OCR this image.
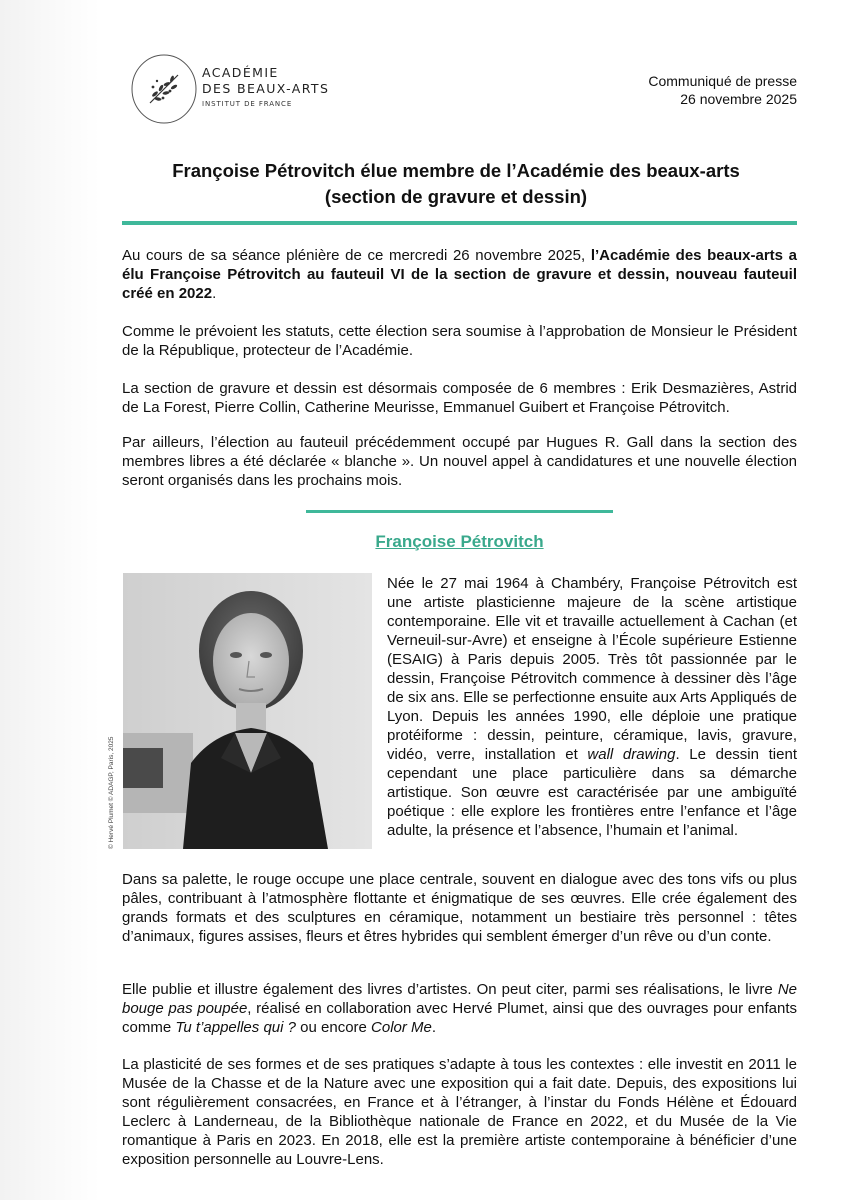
ACADÉMIE
DES BEAUX-ARTS
INSTITUT DE FRANCE
Communiqué de presse
26 novembre 2025
Françoise Pétrovitch élue membre de l’Académie des beaux-arts
(section de gravure et dessin)

Au cours de sa séance plénière de ce mercredi 26 novembre 2025, l’Académie des beaux-arts a élu Françoise Pétrovitch au fauteuil VI de la section de gravure et dessin, nouveau fauteuil créé en 2022.

Comme le prévoient les statuts, cette élection sera soumise à l’approbation de Monsieur le Président de la République, protecteur de l’Académie.

La section de gravure et dessin est désormais composée de 6 membres : Erik Desmazières, Astrid de La Forest, Pierre Collin, Catherine Meurisse, Emmanuel Guibert et Françoise Pétrovitch.

Par ailleurs, l’élection au fauteuil précédemment occupé par Hugues R. Gall dans la section des membres libres a été déclarée « blanche ». Un nouvel appel à candidatures et une nouvelle élection seront organisés dans les prochains mois.

Françoise Pétrovitch
© Hervé Plumet © ADAGP, Paris, 2025

Née le 27 mai 1964 à Chambéry, Françoise Pétrovitch est une artiste plasticienne majeure de la scène artistique contemporaine. Elle vit et travaille actuellement à Cachan (et Verneuil-sur-Avre) et enseigne à l’École supérieure Estienne (ESAIG) à Paris depuis 2005. Très tôt passionnée par le dessin, Françoise Pétrovitch commence à dessiner dès l’âge de six ans. Elle se perfectionne ensuite aux Arts Appliqués de Lyon. Depuis les années 1990, elle déploie une pratique protéiforme : dessin, peinture, céramique, lavis, gravure, vidéo, verre, installation et wall drawing. Le dessin tient cependant une place particulière dans sa démarche artistique. Son œuvre est caractérisée par une ambiguïté poétique : elle explore les frontières entre l’enfance et l’âge adulte, la présence et l’absence, l’humain et l’animal.

Dans sa palette, le rouge occupe une place centrale, souvent en dialogue avec des tons vifs ou plus pâles, contribuant à l’atmosphère flottante et énigmatique de ses œuvres. Elle crée également des grands formats et des sculptures en céramique, notamment un bestiaire très personnel : têtes d’animaux, figures assises, fleurs et êtres hybrides qui semblent émerger d’un rêve ou d’un conte.

Elle publie et illustre également des livres d’artistes. On peut citer, parmi ses réalisations, le livre Ne bouge pas poupée, réalisé en collaboration avec Hervé Plumet, ainsi que des ouvrages pour enfants comme Tu t’appelles qui ? ou encore Color Me.

La plasticité de ses formes et de ses pratiques s’adapte à tous les contextes : elle investit en 2011 le Musée de la Chasse et de la Nature avec une exposition qui a fait date. Depuis, des expositions lui sont régulièrement consacrées, en France et à l’étranger, à l’instar du Fonds Hélène et Édouard Leclerc à Landerneau, de la Bibliothèque nationale de France en 2022, et du Musée de la Vie romantique à Paris en 2023. En 2018, elle est la première artiste contemporaine à bénéficier d’une exposition personnelle au Louvre-Lens.
